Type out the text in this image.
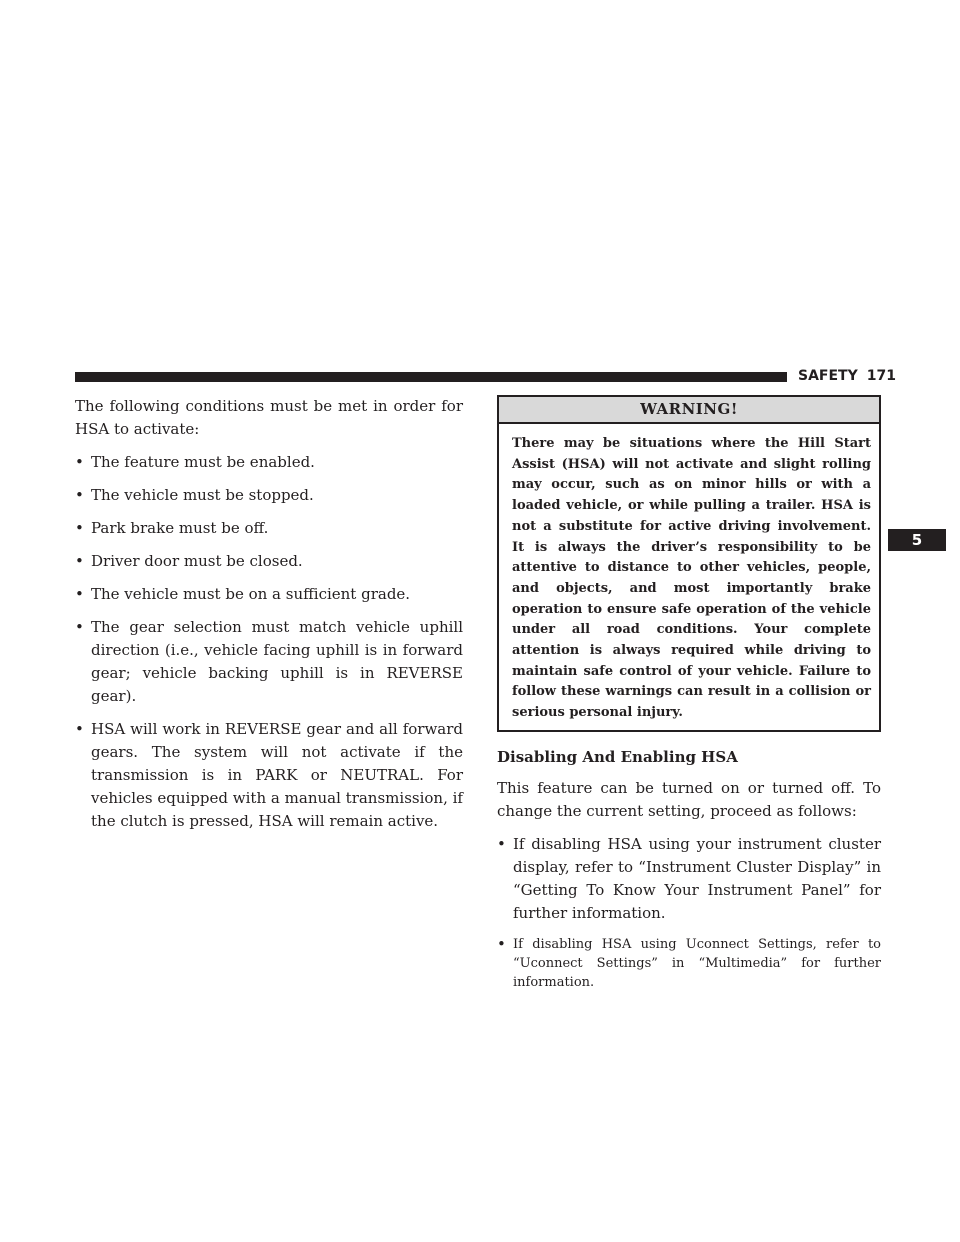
SAFETY 171
5

The following conditions must be met in order for HSA to activate:

• The feature must be enabled.
• The vehicle must be stopped.
• Park brake must be off.
• Driver door must be closed.
• The vehicle must be on a sufficient grade.
• The gear selection must match vehicle uphill direction (i.e., vehicle facing uphill is in forward gear; vehicle backing uphill is in REVERSE gear).
• HSA will work in REVERSE gear and all forward gears. The system will not activate if the transmission is in PARK or NEUTRAL. For vehicles equipped with a manual transmission, if the clutch is pressed, HSA will remain active.
WARNING!
There may be situations where the Hill Start Assist (HSA) will not activate and slight rolling may occur, such as on minor hills or with a loaded vehicle, or while pulling a trailer. HSA is not a substitute for active driving involvement. It is always the driver’s responsibility to be attentive to distance to other vehicles, people, and objects, and most importantly brake operation to ensure safe operation of the vehicle under all road conditions. Your complete attention is always required while driving to maintain safe control of your vehicle. Failure to follow these warnings can result in a collision or serious personal injury.
Disabling And Enabling HSA

This feature can be turned on or turned off. To change the current setting, proceed as follows:

• If disabling HSA using your instrument cluster display, refer to “Instrument Cluster Display” in “Getting To Know Your Instrument Panel” for further information.
• If disabling HSA using Uconnect Settings, refer to “Uconnect Settings” in “Multimedia” for further information.
